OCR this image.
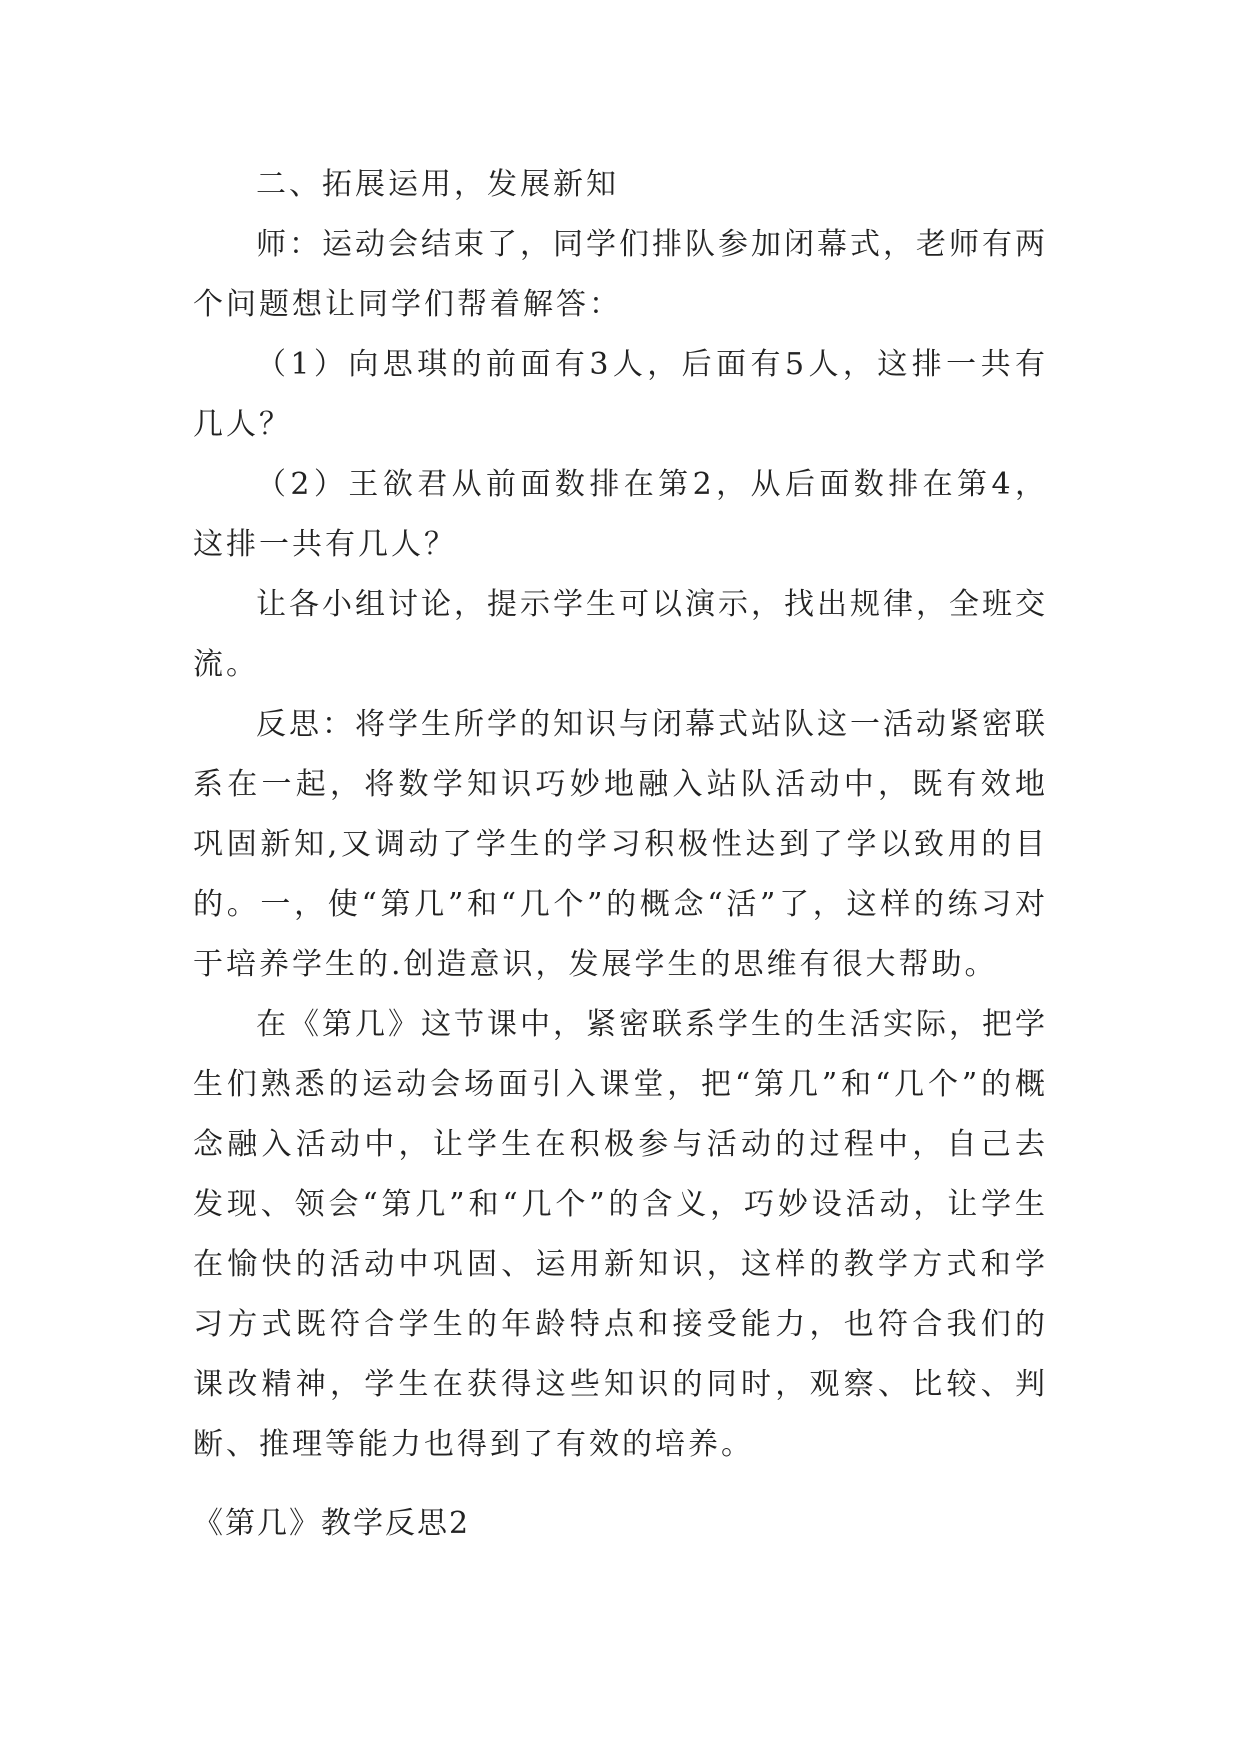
二、拓展运用，发展新知

师：运动会结束了，同学们排队参加闭幕式，老师有两个问题想让同学们帮着解答：

（1）向思琪的前面有3人，后面有5人，这排一共有几人？

（2）王欲君从前面数排在第2，从后面数排在第4，这排一共有几人？

让各小组讨论，提示学生可以演示，找出规律，全班交流。

反思：将学生所学的知识与闭幕式站队这一活动紧密联系在一起，将数学知识巧妙地融入站队活动中，既有效地巩固新知,又调动了学生的学习积极性达到了学以致用的目的。一，使“第几”和“几个”的概念“活”了，这样的练习对于培养学生的.创造意识，发展学生的思维有很大帮助。

在《第几》这节课中，紧密联系学生的生活实际，把学生们熟悉的运动会场面引入课堂，把“第几”和“几个”的概念融入活动中，让学生在积极参与活动的过程中，自己去发现、领会“第几”和“几个”的含义，巧妙设活动，让学生在愉快的活动中巩固、运用新知识，这样的教学方式和学习方式既符合学生的年龄特点和接受能力，也符合我们的课改精神，学生在获得这些知识的同时，观察、比较、判断、推理等能力也得到了有效的培养。

《第几》教学反思2
